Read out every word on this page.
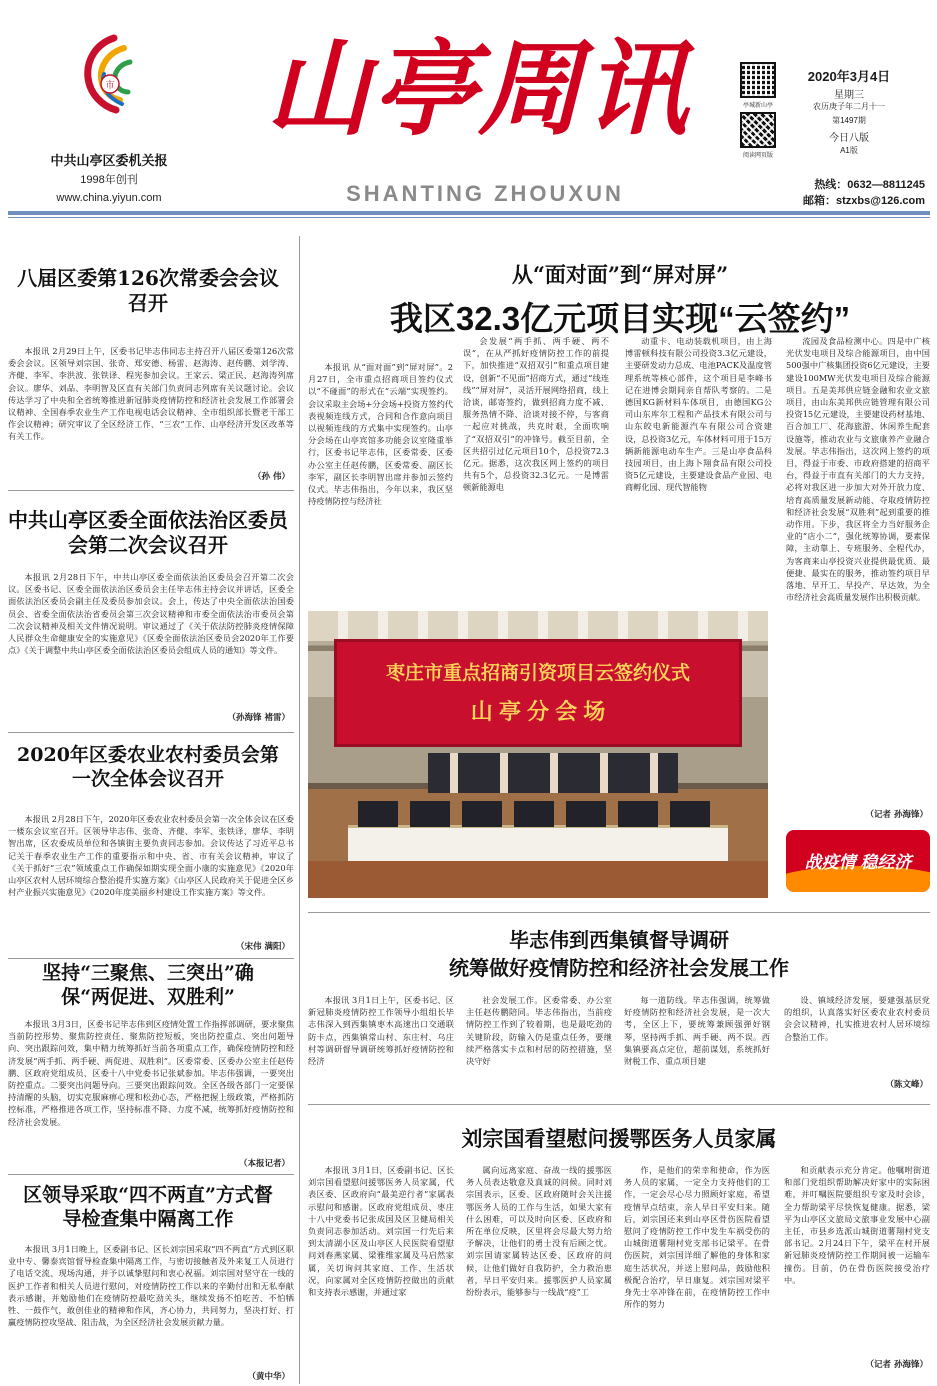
市
中共山亭区委机关报
1998年创刊
www.china.yiyun.com
山亭周讯
SHANTING ZHOUXUN
亭城新山亭
阅读网页版
2020年3月4日
星期三
农历庚子年二月十一
第1497期
今日八版
A1版
热线：0632—8811245
邮箱：stzxbs@126.com
八届区委第126次常委会会议召开

本报讯 2月29日上午，区委书记毕志伟同志主持召开八届区委第126次常委会会议。区领导刘宗国、张奇、郑安德、杨雷、赵海涛、赵传鹏、刘学涛、齐健、李军、李洪波、张铁译、程宪参加会议。王家云、梁正民、赵海涛列席会议。廖华、刘品、李明智及区直有关部门负责同志列席有关议题讨论。会议传达学习了中央和全省统筹推进新冠肺炎疫情防控和经济社会发展工作部署会议精神、全国春季农业生产工作电视电话会议精神、全市组织部长暨老干部工作会议精神；研究审议了全区经济工作、“三农”工作、山亭经济开发区改革等有关工作。

（孙 伟）
中共山亭区委全面依法治区委员会第二次会议召开

本报讯 2月28日下午，中共山亭区委全面依法治区委员会召开第二次会议。区委书记、区委全面依法治区委员会主任毕志伟主持会议并讲话，区委全面依法治区委员会副主任及委员参加会议。会上，传达了中央全面依法治国委员会、省委全面依法治省委员会第三次会议精神和市委全面依法治市委员会第二次会议精神及相关文件情况说明。审议通过了《关于依法防控肺炎疫情保障人民群众生命健康安全的实施意见》《区委全面依法治区委员会2020年工作要点》《关于调整中共山亭区委全面依法治区委员会组成人员的通知》等文件。

（孙海锋 褚雷）
2020年区委农业农村委员会第一次全体会议召开

本报讯 2月28日下午，2020年区委农业农村委员会第一次全体会议在区委一楼东会议室召开。区领导毕志伟、张奇、齐健、李军、张铁译、廖华、李明智出席，区农委成员单位和各镇街主要负责同志参加。会议传达了习近平总书记关于春季农业生产工作的重要指示和中央、省、市有关会议精神，审议了《关于抓好“三农”领域重点工作确保如期实现全面小康的实施意见》《2020年山亭区农村人居环境综合整治提升实施方案》《山亭区人民政府关于促进全区乡村产业振兴实施意见》《2020年度美丽乡村建设工作实施方案》等文件。

（宋伟 满阳）
坚持“三聚焦、三突出”确保“两促进、双胜利”

本报讯 3月3日，区委书记毕志伟到区疫情处置工作指挥部调研，要求聚焦当前防控形势、聚焦防控责任、聚焦防控短板，突出防控重点、突出问题导向、突出跟踪问效，集中精力统筹抓好当前各项重点工作，确保疫情防控和经济发展“两手抓、两手硬、两促进、双胜利”。区委常委、区委办公室主任赵传鹏、区政府党组成员、区委十八中党委书记张斌参加。毕志伟强调，一要突出防控重点。二要突出问题导向。三要突出跟踪问效。全区各级各部门一定要保持清醒的头脑，切实克服麻痹心理和松劲心态，严格把握上级政策，严格抓防控标准，严格推进各项工作，坚持标准不降、力度不减，统筹抓好疫情防控和经济社会发展。

（本报记者）
区领导采取“四不两直”方式督导检查集中隔离工作

本报讯 3月1日晚上，区委副书记、区长刘宗国采取“四不两直”方式到区职业中专、馨泰宾馆督导检查集中隔离工作，与密切接触者及外来复工人员进行了电话交流、现场沟通，并予以诚挚慰问和衷心祝福。刘宗国对坚守在一线的医护工作者和相关人员进行慰问，对疫情防控工作以来的辛勤付出和无私奉献表示感谢，并勉励他们在疫情防控最吃劲关头，继续发扬不怕吃苦、不怕牺牲、一鼓作气，敢创佳业的精神和作风，齐心协力，共同努力，坚决打好、打赢疫情防控攻坚战、阻击战，为全区经济社会发展贡献力量。

（黄中华）
从“面对面”到“屏对屏”
我区32.3亿元项目实现“云签约”

本报讯 从“面对面”到“屏对屏”。2月27日，全市重点招商项目签约仪式以“不碰面”的形式在“云端”实现签约。会议采取主会场+分会场+投资方签约代表视频连线方式，合同和合作意向项目以视频连线的方式集中实现签约。山亭分会场在山亭宾馆多功能会议室隆重举行，区委书记毕志伟，区委常委、区委办公室主任赵传鹏，区委常委、副区长李军，副区长李明智出席并参加云签约仪式。毕志伟指出，今年以来，我区坚持疫情防控与经济社

会发展“两手抓、两手硬、两不误”，在从严抓好疫情防控工作的前提下，加快推进“双招双引”和重点项目建设，创新“不见面”招商方式，通过“线连线”“屏对屏”，灵活开展网络招商，线上洽谈，邮寄签约，做到招商力度不减、服务热情不降、洽谈对接不停，与客商一起应对挑战，共克时艰，全面吹响了“双招双引”的冲锋号。截至目前，全区共招引过亿元项目10个，总投资72.3亿元。据悉，这次我区网上签约的项目共有5个，总投资32.3亿元。一是博雷顿新能源电

动重卡、电动装载机项目，由上海博雷顿科技有限公司投资3.3亿元建设，主要研发动力总成、电池PACK及温度管理系统等核心部件，这个项目是李峰书记在进博会期间亲自帮队考察的。二是德国KG新材料车体项目，由德国KG公司山东库尔工程和产品技术有限公司与山东皎电新能源汽车有限公司合资建设，总投资3亿元，车体材料可用于15万辆新能源电动车生产。三是山亭食品科技园项目，由上海卜翔食品有限公司投资5亿元建设，主要建设食品产业园、电商孵化园、现代智能物

流园及食品检测中心。四是中广核光伏发电项目及综合能源项目，由中国500强中广核集团投资6亿元建设，主要建设100MW光伏发电项目及综合能源项目。五是美邦供应链金融和农业文旅项目，由山东美邦供应链管理有限公司投资15亿元建设，主要建设药材基地、百合加工厂、花海旅游、休闲养生配套设施等，推动农业与文旅康养产业融合发展。毕志伟指出，这次网上签约的项目，得益于市委、市政府搭建的招商平台，得益于市直有关部门的大力支持，必将对我区进一步加大对外开放力度、培育高质量发展新动能、夺取疫情防控和经济社会发展“双胜利”起到重要的推动作用。下步，我区将全力当好服务企业的“店小二”，强化统筹协调，要素保障，主动靠上、专班服务、全程代办，为客商来山亭投资兴业提供最优质、最便捷、最实在的服务，推动签约项目早落地、早开工、早投产、早达效，为全市经济社会高质量发展作出积极贡献。

（记者 孙海锋）
枣庄市重点招商引资项目云签约仪式
山 亭 分 会 场
战疫情 稳经济
毕志伟到西集镇督导调研
统筹做好疫情防控和经济社会发展工作

本报讯 3月1日上午，区委书记、区新冠肺炎疫情防控工作领导小组组长毕志伟深入到西集镇枣木高速出口交通联防卡点，西集镇常山村、东庄村、乌庄村等调研督导调研统筹抓好疫情防控和经济

社会发展工作。区委常委、办公室主任赵传鹏陪同。毕志伟指出，当前疫情防控工作到了较着期，也是最吃劲的关键阶段，防输入仍是重点任务，要继续严格落实卡点和村居的防控措施，坚决守好

每一道防线。毕志伟强调，统筹做好疫情防控和经济社会发展，是一次大考，全区上下，要统筹兼顾强弹好钢琴，坚持两手抓、两手硬、两不误。西集镇要高点定位，超前谋划，系统抓好财税工作、重点项目建

设、镇域经济发展，要建强基层党的组织，认真落实好区委农业农村委员会会议精神，扎实推进农村人居环境综合整治工作。

（陈文峰）
刘宗国看望慰问援鄂医务人员家属

本报讯 3月1日，区委副书记、区长刘宗国看望慰问援鄂医务人员家属，代表区委、区政府向“最美逆行者”家属表示慰问和感谢。区政府党组成员、枣庄十八中党委书记张成国及区卫健局相关负责同志参加活动。刘宗国一行先后来到太清湖小区及山亭区人民医院看望慰问刘春燕家属、梁雅维家属及马启然家属，关切询问其家庭、工作、生活状况，向家属对全区疫情防控做出的贡献和支持表示感谢，并通过家

属向远离家庭、奋战一线的援鄂医务人员表达敬意及真诚的问候。同时刘宗国表示，区委、区政府随时会关注援鄂医务人员的工作与生活，如果大家有什么困难，可以及时向区委、区政府和所在单位反映，区里将会尽最大努力给予解决，让他们的勇士没有后顾之忧。刘宗国请家属转达区委、区政府的问候，让他们做好自我防护，全力救治患者，早日平安归来。援鄂医护人员家属纷纷表示，能够参与一线战“疫”工

作，是他们的荣幸和使命，作为医务人员的家属，一定全力支持他们的工作，一定会尽心尽力照顾好家庭，希望疫情早点结束，亲人早日平安归来。随后，刘宗国还来到山亭区骨伤医院看望慰问了疫情防控工作中发生车祸受伤的山城街道薯翔村党支部书记梁平。在骨伤医院，刘宗国详细了解他的身体和家庭生活状况，并送上慰问品，鼓励他积极配合治疗，早日康复。刘宗国对梁平身先士卒冲锋在前，在疫情防控工作中所作的努力

和贡献表示充分肯定。他嘱咐街道和部门党组织帮助解决好家中的实际困难，并叮嘱医院要组织专家及时会诊，全力帮助梁平尽快恢复健康。据悉，梁平为山亭区文旅局文旅事业发展中心副主任，市县乡选派山城街道薯翔村党支部书记。2月24日下午，梁平在村开展新冠肺炎疫情防控工作期间被一运输车撞伤。目前，仍在骨伤医院接受治疗中。

（记者 孙海锋）
